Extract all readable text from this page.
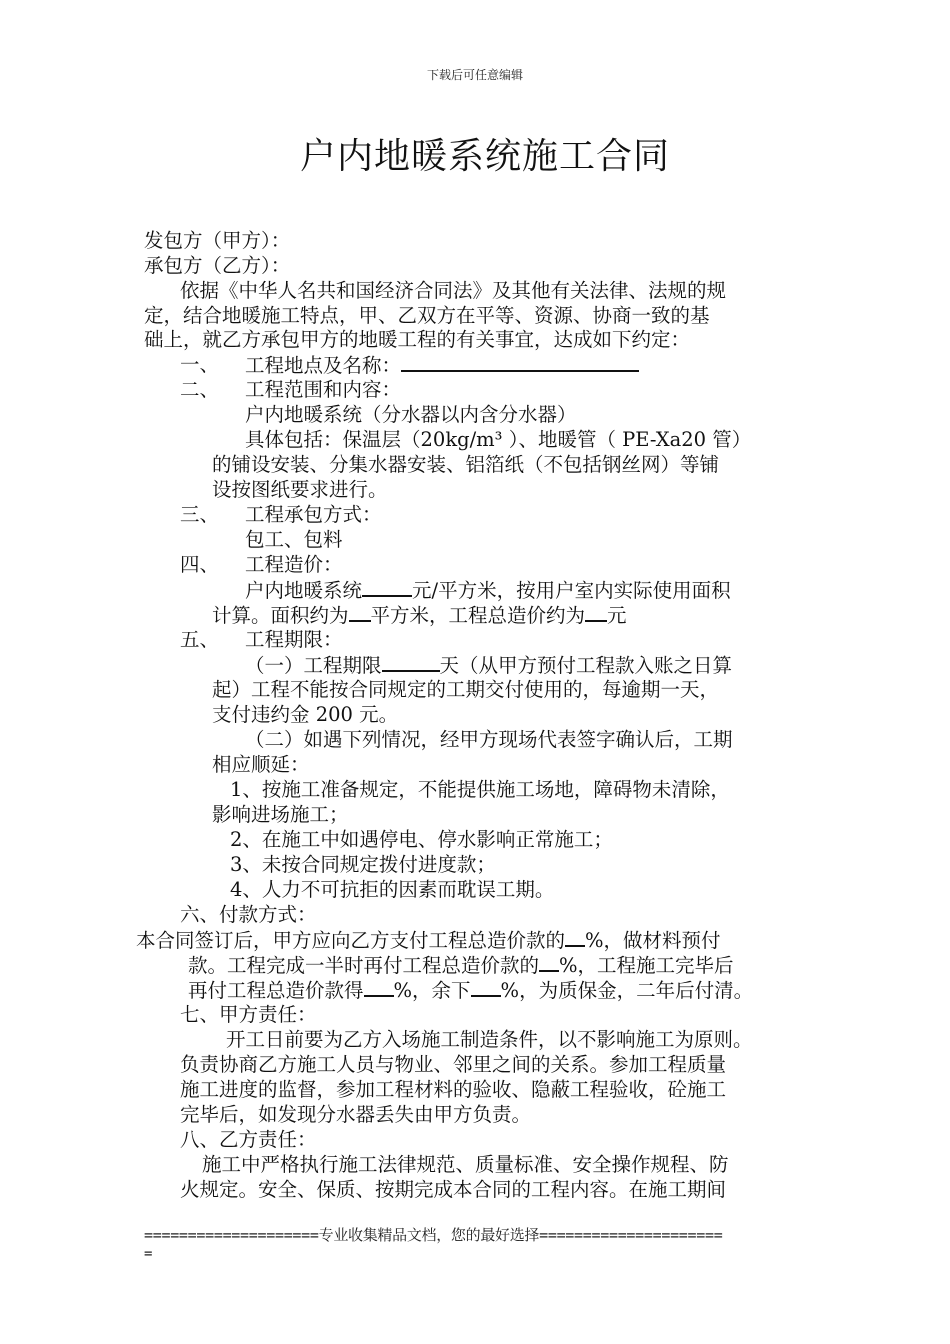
下载后可任意编辑
户内地暖系统施工合同
发包方（甲方）：
承包方（乙方）：
依据《中华人名共和国经济合同法》及其他有关法律、法规的规
定，结合地暖施工特点，甲、乙双方在平等、资源、协商一致的基
础上，就乙方承包甲方的地暖工程的有关事宜，达成如下约定：
一、 工程地点及名称：
二、 工程范围和内容：
户内地暖系统（分水器以内含分水器）
具体包括：保温层（20kg/m³ ）、地暖管（ PE-Xa20 管）
的铺设安装、分集水器安装、铝箔纸（不包括钢丝网）等铺
设按图纸要求进行。
三、 工程承包方式：
包工、包料
四、 工程造价：
户内地暖系统	元/平方米，按用户室内实际使用面积
计算。面积约为 平方米，工程总造价约为 元
五、 工程期限：
（一）工程期限	天（从甲方预付工程款入账之日算
起）工程不能按合同规定的工期交付使用的，每逾期一天，
支付违约金 200 元。
（二）如遇下列情况，经甲方现场代表签字确认后，工期
相应顺延：
1、按施工准备规定，不能提供施工场地，障碍物未清除，
影响进场施工；
2、在施工中如遇停电、停水影响正常施工；
3、未按合同规定拨付进度款；
4、人力不可抗拒的因素而耽误工期。
六、付款方式：
本合同签订后，甲方应向乙方支付工程总造价款的 %，做材料预付
款。工程完成一半时再付工程总造价款的 %，工程施工完毕后
再付工程总造价款得 %，余下 %，为质保金，二年后付清。
七、甲方责任：
开工日前要为乙方入场施工制造条件，以不影响施工为原则。
负责协商乙方施工人员与物业、邻里之间的关系。参加工程质量
施工进度的监督，参加工程材料的验收、隐蔽工程验收，砼施工
完毕后，如发现分水器丢失由甲方负责。
八、乙方责任：
施工中严格执行施工法律规范、质量标准、安全操作规程、防
火规定。安全、保质、按期完成本合同的工程内容。在施工期间
====================专业收集精品文档，您的最好选择=====================
=
